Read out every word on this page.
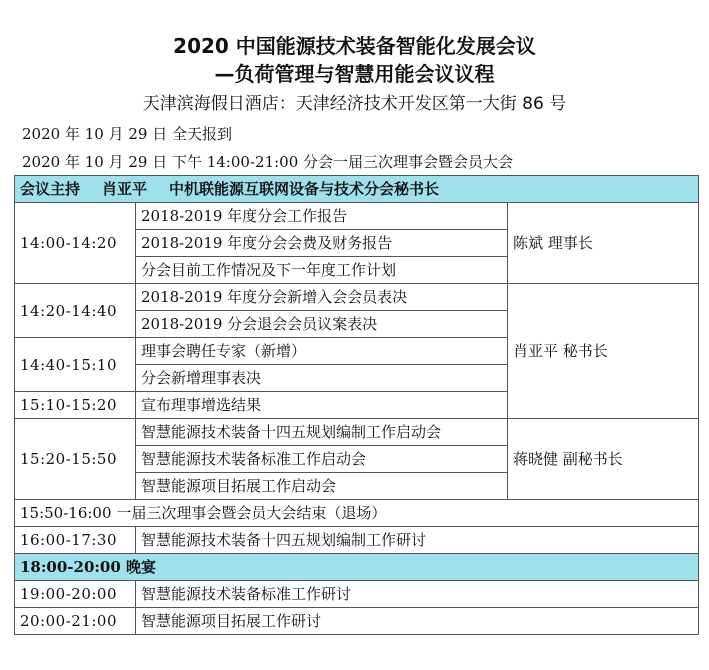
2020 中国能源技术装备智能化发展会议
—负荷管理与智慧用能会议议程
天津滨海假日酒店：天津经济技术开发区第一大街 86 号
2020 年 10 月 29 日 全天报到
2020 年 10 月 29 日 下午 14:00-21:00 分会一届三次理事会暨会员大会
会议主持 肖亚平 中机联能源互联网设备与技术分会秘书长		
14:00-14:20	2018-2019 年度分会工作报告	陈斌 理事长
	2018-2019 年度分会会费及财务报告	
	分会目前工作情况及下一年度工作计划	
14:20-14:40	2018-2019 年度分会新增入会会员表决	肖亚平 秘书长
	2018-2019 分会退会会员议案表决	
14:40-15:10	理事会聘任专家（新增）	
	分会新增理事表决	
15:10-15:20	宣布理事增选结果	
15:20-15:50	智慧能源技术装备十四五规划编制工作启动会	蒋晓健 副秘书长
	智慧能源技术装备标准工作启动会	
	智慧能源项目拓展工作启动会	
15:50-16:00 一届三次理事会暨会员大会结束（退场）		
16:00-17:30	智慧能源技术装备十四五规划编制工作研讨	
18:00-20:00 晚宴		
19:00-20:00	智慧能源技术装备标准工作研讨	
20:00-21:00	智慧能源项目拓展工作研讨	
